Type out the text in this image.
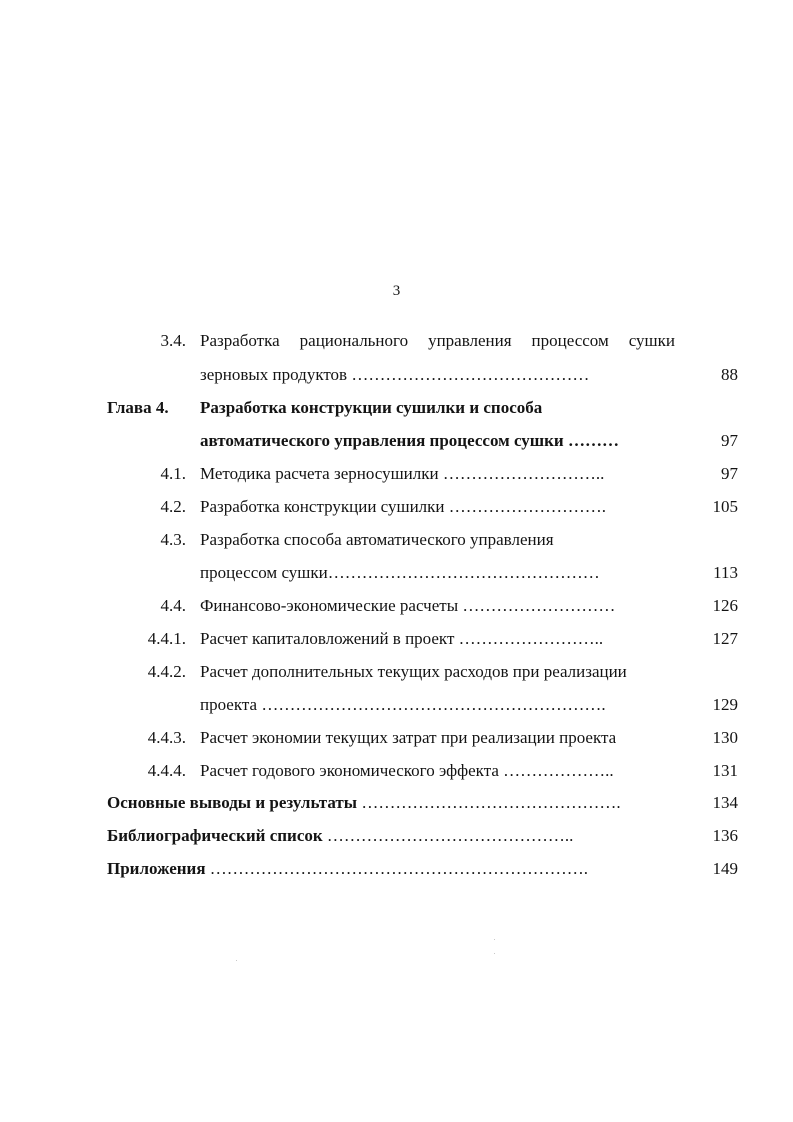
3
3.4. Разработка рационального управления процессом сушки
зерновых продуктов ……………………………………	88
Глава 4.	Разработка конструкции сушилки и способа
автоматического управления процессом сушки ………	97
4.1. Методика расчета зерносушилки ………………………..	97
4.2. Разработка конструкции сушилки ……………………….	105
4.3. Разработка способа автоматического управления
процессом сушки…………………………………………	113
4.4. Финансово-экономические расчеты ………………………	126
4.4.1. Расчет капиталовложений в проект ……………………..	127
4.4.2. Расчет дополнительных текущих расходов при реализации
проекта …………………………………………………….	129
4.4.3. Расчет экономии текущих затрат при реализации проекта	130
4.4.4. Расчет годового экономического эффекта ………………..	131
Основные выводы и результаты ……………………………………….	134
Библиографический список ……………………………………..	136
Приложения ………………………………………………………….	149
